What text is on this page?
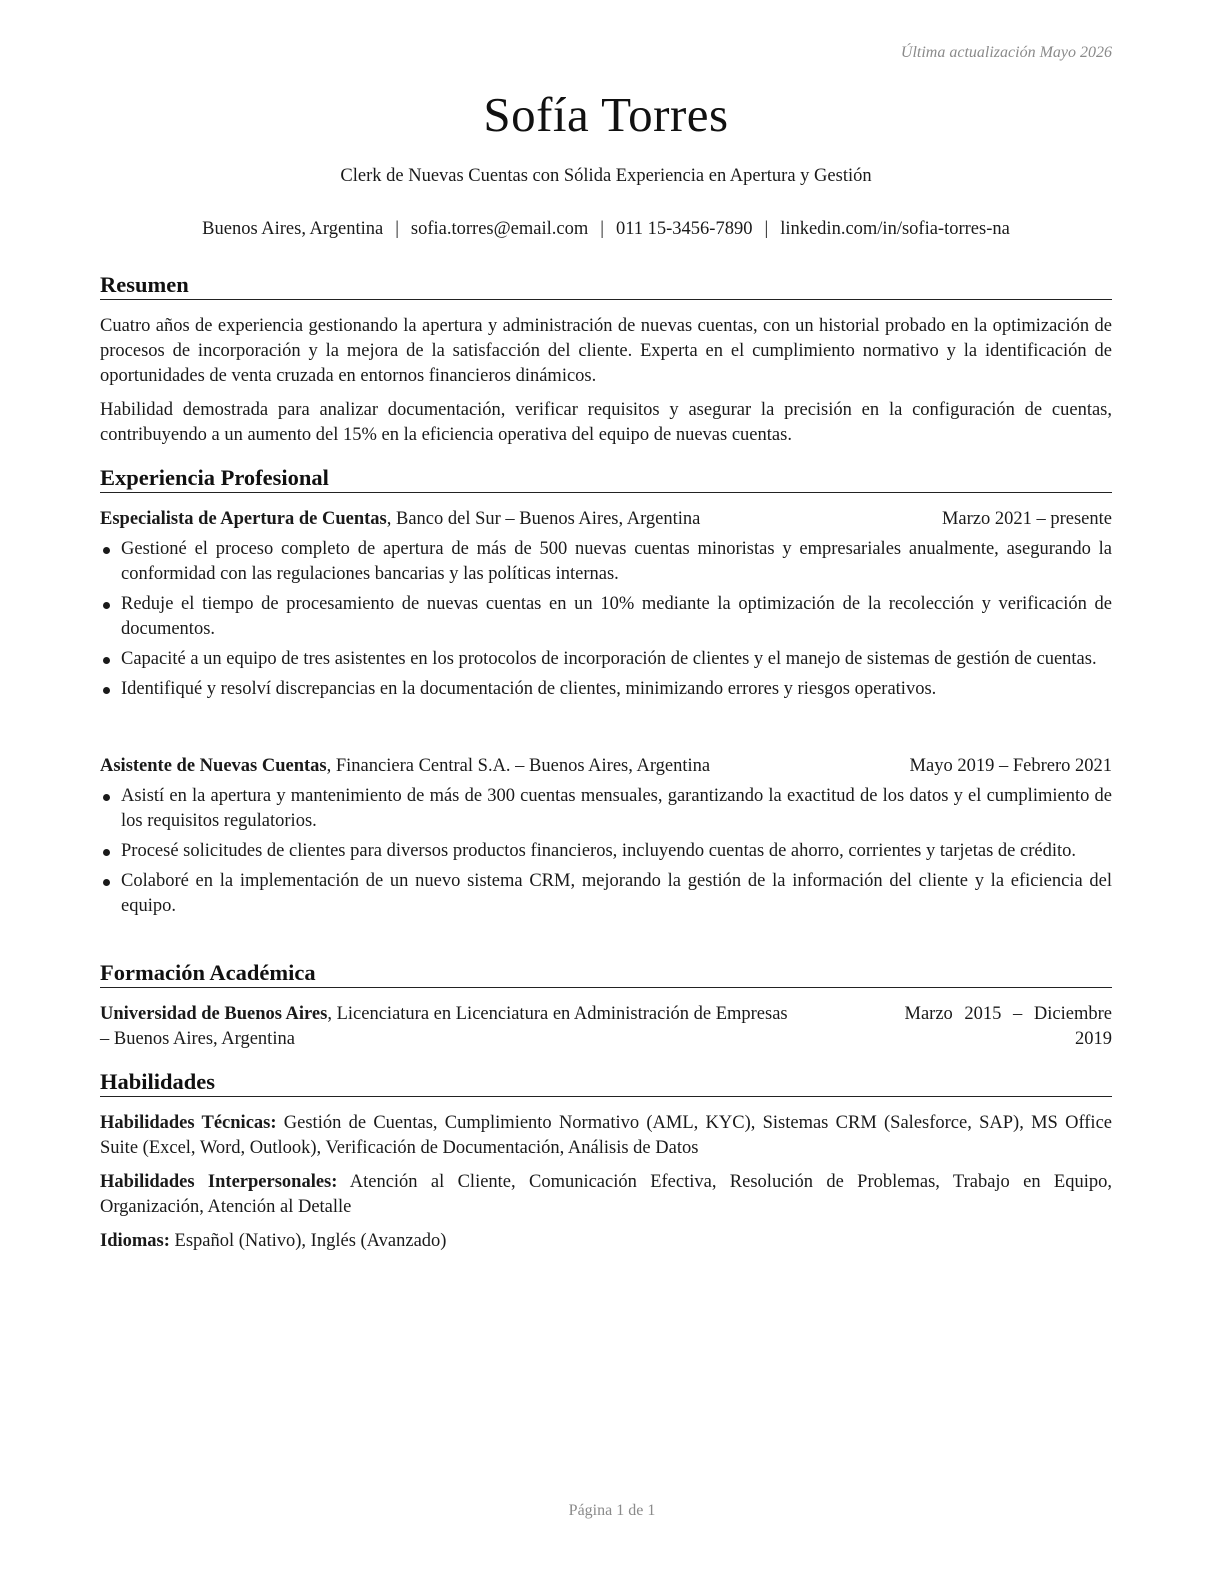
Última actualización Mayo 2026
Sofía Torres
Clerk de Nuevas Cuentas con Sólida Experiencia en Apertura y Gestión
Buenos Aires, Argentina | sofia.torres@email.com | 011 15-3456-7890 | linkedin.com/in/sofia-torres-na
Resumen

Cuatro años de experiencia gestionando la apertura y administración de nuevas cuentas, con un historial probado en la optimización de procesos de incorporación y la mejora de la satisfacción del cliente. Experta en el cumplimiento normativo y la identificación de oportunidades de venta cruzada en entornos financieros dinámicos.

Habilidad demostrada para analizar documentación, verificar requisitos y asegurar la precisión en la configuración de cuentas, contribuyendo a un aumento del 15% en la eficiencia operativa del equipo de nuevas cuentas.

Experiencia Profesional
Especialista de Apertura de Cuentas, Banco del Sur – Buenos Aires, Argentina	Marzo 2021 – presente
Gestioné el proceso completo de apertura de más de 500 nuevas cuentas minoristas y empresariales anualmente, asegurando la conformidad con las regulaciones bancarias y las políticas internas.
Reduje el tiempo de procesamiento de nuevas cuentas en un 10% mediante la optimización de la recolección y verificación de documentos.
Capacité a un equipo de tres asistentes en los protocolos de incorporación de clientes y el manejo de sistemas de gestión de cuentas.
Identifiqué y resolví discrepancias en la documentación de clientes, minimizando errores y riesgos operativos.
Asistente de Nuevas Cuentas, Financiera Central S.A. – Buenos Aires, Argentina	Mayo 2019 – Febrero 2021
Asistí en la apertura y mantenimiento de más de 300 cuentas mensuales, garantizando la exactitud de los datos y el cumplimiento de los requisitos regulatorios.
Procesé solicitudes de clientes para diversos productos financieros, incluyendo cuentas de ahorro, corrientes y tarjetas de crédito.
Colaboré en la implementación de un nuevo sistema CRM, mejorando la gestión de la información del cliente y la eficiencia del equipo.
Formación Académica
Universidad de Buenos Aires, Licenciatura en Licenciatura en Administración de Empresas
– Buenos Aires, Argentina
Marzo 2015 – Diciembre
2019
Habilidades

Habilidades Técnicas: Gestión de Cuentas, Cumplimiento Normativo (AML, KYC), Sistemas CRM (Salesforce, SAP), MS Office Suite (Excel, Word, Outlook), Verificación de Documentación, Análisis de Datos

Habilidades Interpersonales: Atención al Cliente, Comunicación Efectiva, Resolución de Problemas, Trabajo en Equipo, Organización, Atención al Detalle

Idiomas: Español (Nativo), Inglés (Avanzado)

Página 1 de 1
